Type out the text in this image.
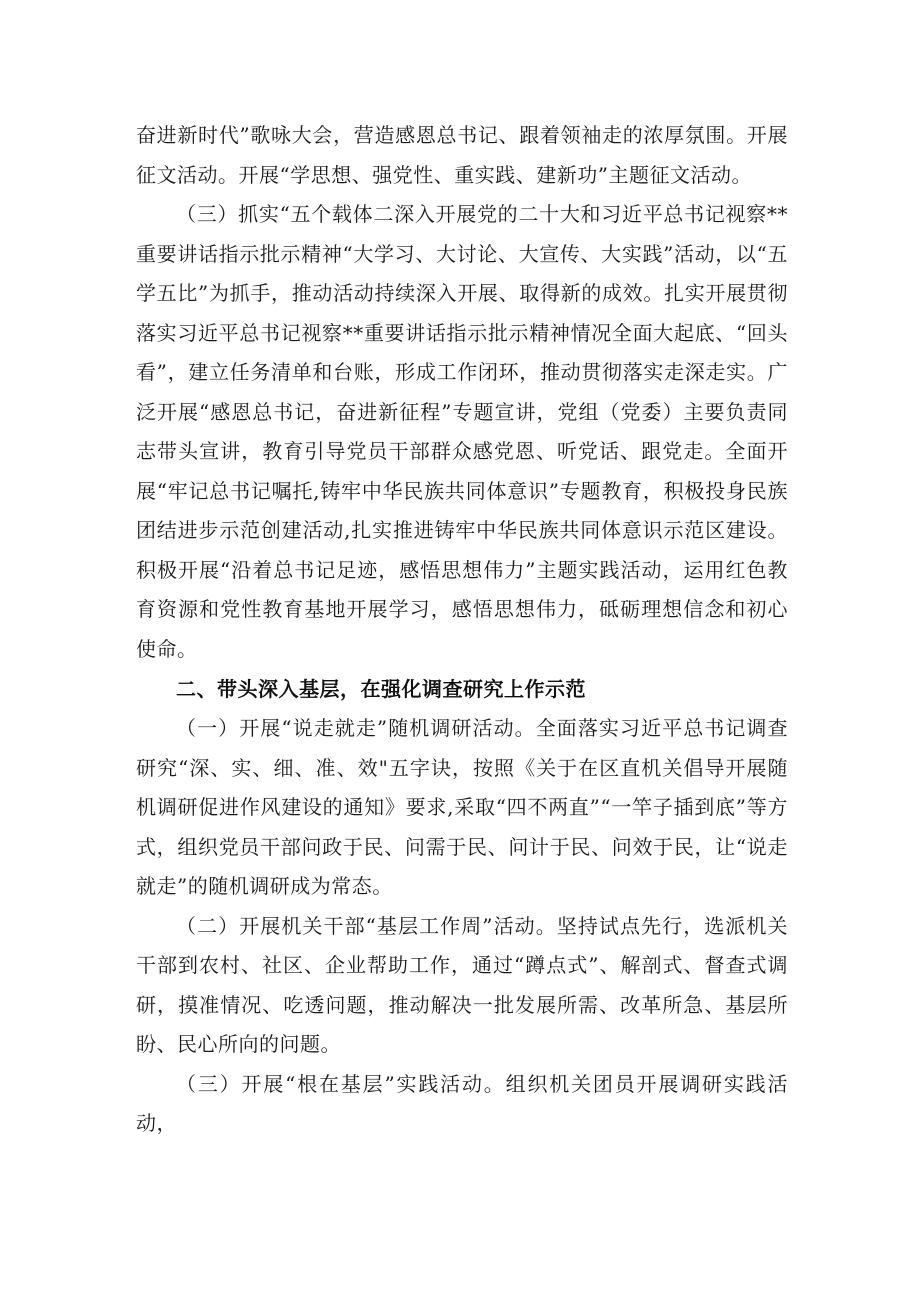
奋进新时代”歌咏大会，营造感恩总书记、跟着领袖走的浓厚氛围。开展征文活动。开展“学思想、强党性、重实践、建新功”主题征文活动。

（三）抓实“五个载体二深入开展党的二十大和习近平总书记视察**重要讲话指示批示精神“大学习、大讨论、大宣传、大实践”活动，以“五学五比”为抓手，推动活动持续深入开展、取得新的成效。扎实开展贯彻落实习近平总书记视察**重要讲话指示批示精神情况全面大起底、“回头看”，建立任务清单和台账，形成工作闭环，推动贯彻落实走深走实。广泛开展“感恩总书记，奋进新征程”专题宣讲，党组（党委）主要负责同志带头宣讲，教育引导党员干部群众感党恩、听党话、跟党走。全面开展“牢记总书记嘱托,铸牢中华民族共同体意识”专题教育，积极投身民族团结进步示范创建活动,扎实推进铸牢中华民族共同体意识示范区建设。积极开展“沿着总书记足迹，感悟思想伟力”主题实践活动，运用红色教育资源和党性教育基地开展学习，感悟思想伟力，砥砺理想信念和初心使命。

二、带头深入基层，在强化调查研究上作示范

（一）开展“说走就走”随机调研活动。全面落实习近平总书记调查研究“深、实、细、准、效"五字诀，按照《关于在区直机关倡导开展随机调研促进作风建设的通知》要求,采取“四不两直”“一竿子插到底”等方式，组织党员干部问政于民、问需于民、问计于民、问效于民，让“说走就走”的随机调研成为常态。

（二）开展机关干部“基层工作周”活动。坚持试点先行，选派机关干部到农村、社区、企业帮助工作，通过“蹲点式”、解剖式、督查式调研，摸准情况、吃透问题，推动解决一批发展所需、改革所急、基层所盼、民心所向的问题。

（三）开展“根在基层”实践活动。组织机关团员开展调研实践活动，
